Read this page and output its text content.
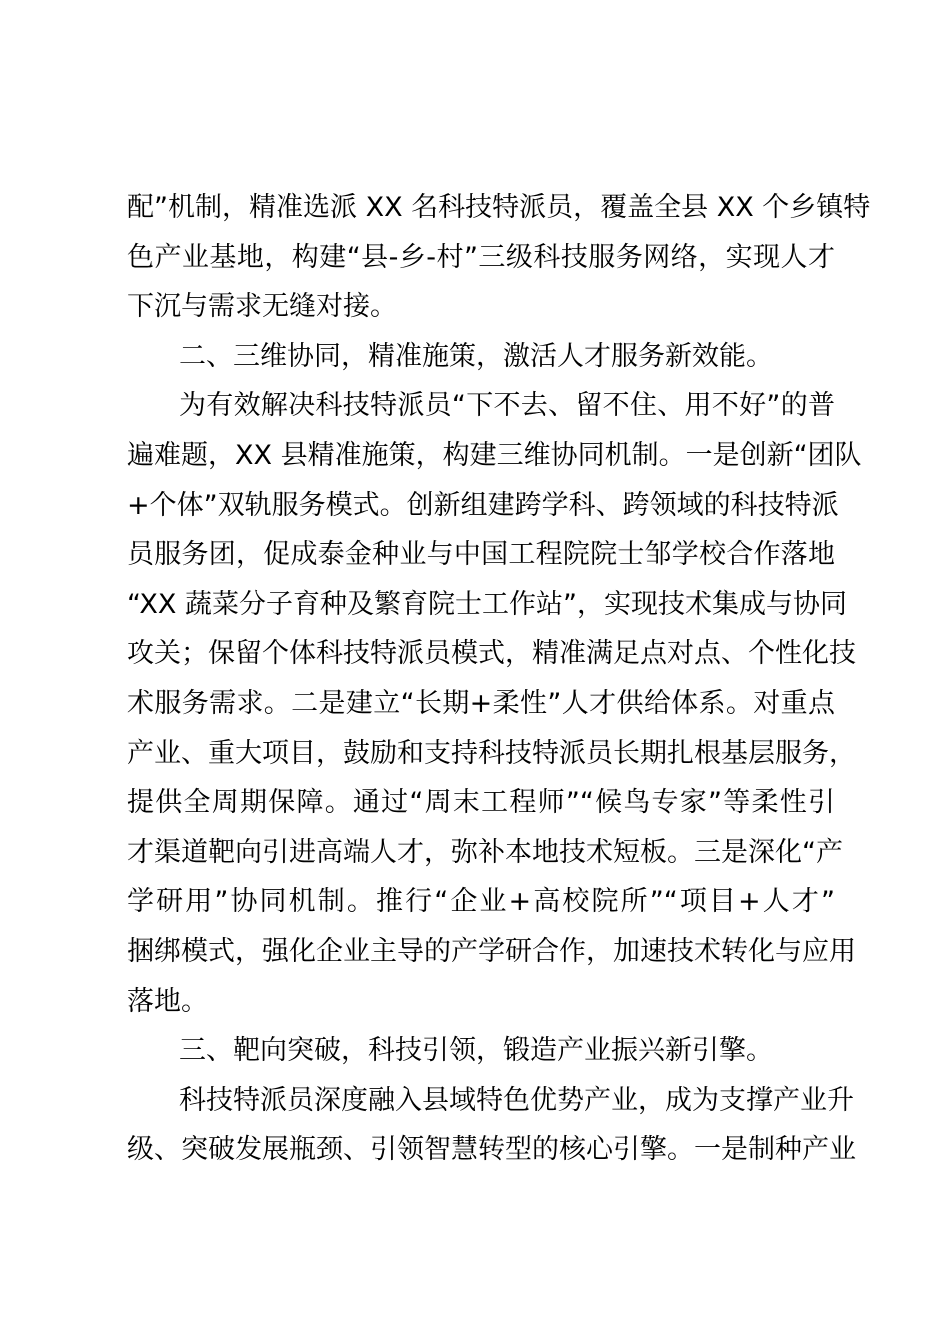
配”机制，精准选派 XX 名科技特派员，覆盖全县 XX 个乡镇特
色产业基地，构建“县-乡-村”三级科技服务网络，实现人才
下沉与需求无缝对接。
二、三维协同，精准施策，激活人才服务新效能。
为有效解决科技特派员“下不去、留不住、用不好”的普
遍难题，XX 县精准施策，构建三维协同机制。一是创新“团队
+个体”双轨服务模式。创新组建跨学科、跨领域的科技特派
员服务团，促成泰金种业与中国工程院院士邹学校合作落地
“XX 蔬菜分子育种及繁育院士工作站”，实现技术集成与协同
攻关；保留个体科技特派员模式，精准满足点对点、个性化技
术服务需求。二是建立“长期+柔性”人才供给体系。对重点
产业、重大项目，鼓励和支持科技特派员长期扎根基层服务，
提供全周期保障。通过“周末工程师”“候鸟专家”等柔性引
才渠道靶向引进高端人才，弥补本地技术短板。三是深化“产
学研用”协同机制。推行“企业+高校院所”“项目+人才”
捆绑模式，强化企业主导的产学研合作，加速技术转化与应用
落地。
三、靶向突破，科技引领，锻造产业振兴新引擎。
科技特派员深度融入县域特色优势产业，成为支撑产业升
级、突破发展瓶颈、引领智慧转型的核心引擎。一是制种产业
